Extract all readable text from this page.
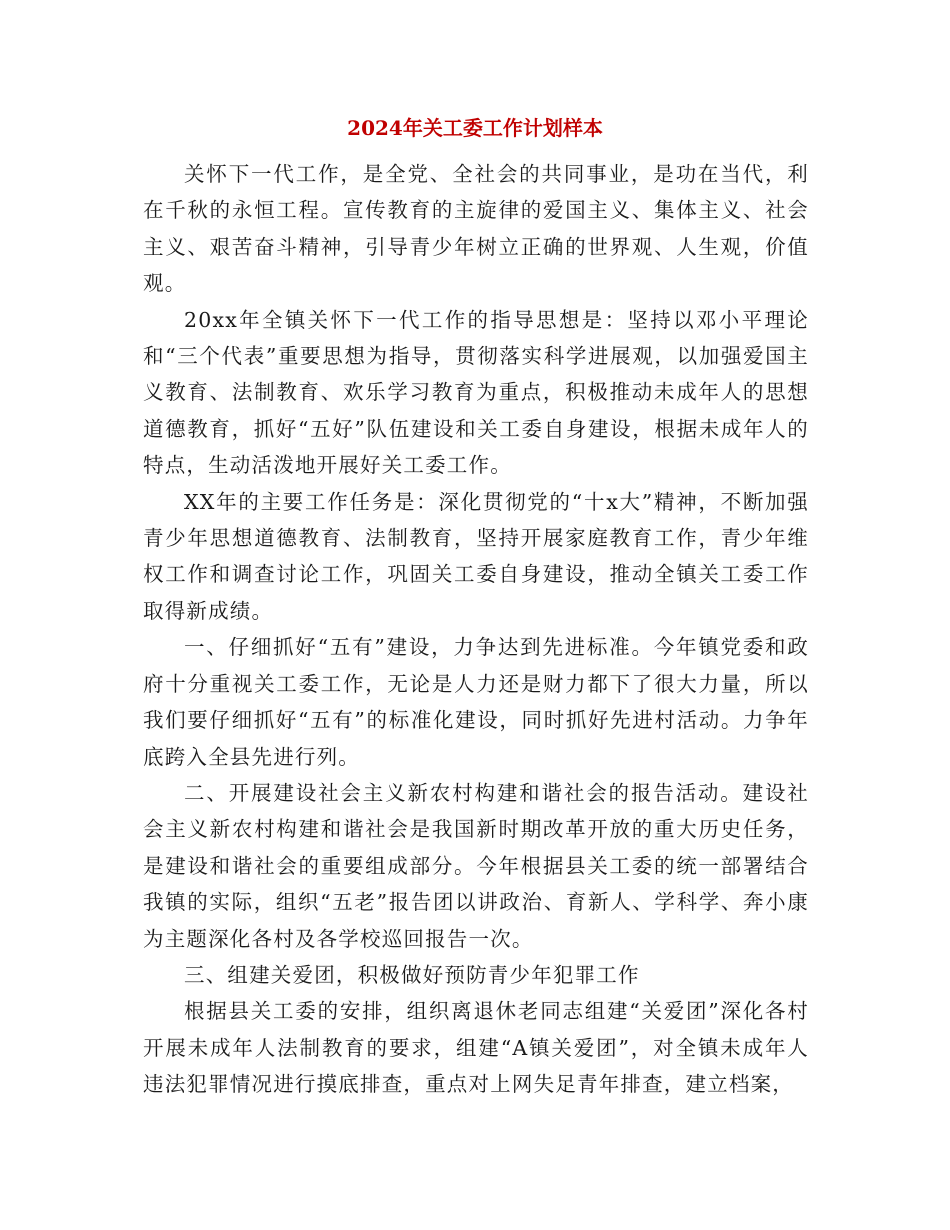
2024年关工委工作计划样本

关怀下一代工作，是全党、全社会的共同事业，是功在当代，利在千秋的永恒工程。宣传教育的主旋律的爱国主义、集体主义、社会主义、艰苦奋斗精神，引导青少年树立正确的世界观、人生观，价值观。

20xx年全镇关怀下一代工作的指导思想是：坚持以邓小平理论和“三个代表”重要思想为指导，贯彻落实科学进展观，以加强爱国主义教育、法制教育、欢乐学习教育为重点，积极推动未成年人的思想道德教育，抓好“五好”队伍建设和关工委自身建设，根据未成年人的特点，生动活泼地开展好关工委工作。

XX年的主要工作任务是：深化贯彻党的“十x大”精神，不断加强青少年思想道德教育、法制教育，坚持开展家庭教育工作，青少年维权工作和调查讨论工作，巩固关工委自身建设，推动全镇关工委工作取得新成绩。

一、仔细抓好“五有”建设，力争达到先进标准。今年镇党委和政府十分重视关工委工作，无论是人力还是财力都下了很大力量，所以我们要仔细抓好“五有”的标准化建设，同时抓好先进村活动。力争年底跨入全县先进行列。

二、开展建设社会主义新农村构建和谐社会的报告活动。建设社会主义新农村构建和谐社会是我国新时期改革开放的重大历史任务，是建设和谐社会的重要组成部分。今年根据县关工委的统一部署结合我镇的实际，组织“五老”报告团以讲政治、育新人、学科学、奔小康为主题深化各村及各学校巡回报告一次。

三、组建关爱团，积极做好预防青少年犯罪工作

根据县关工委的安排，组织离退休老同志组建“关爱团”深化各村开展未成年人法制教育的要求，组建“A镇关爱团”，对全镇未成年人违法犯罪情况进行摸底排查，重点对上网失足青年排查，建立档案，
